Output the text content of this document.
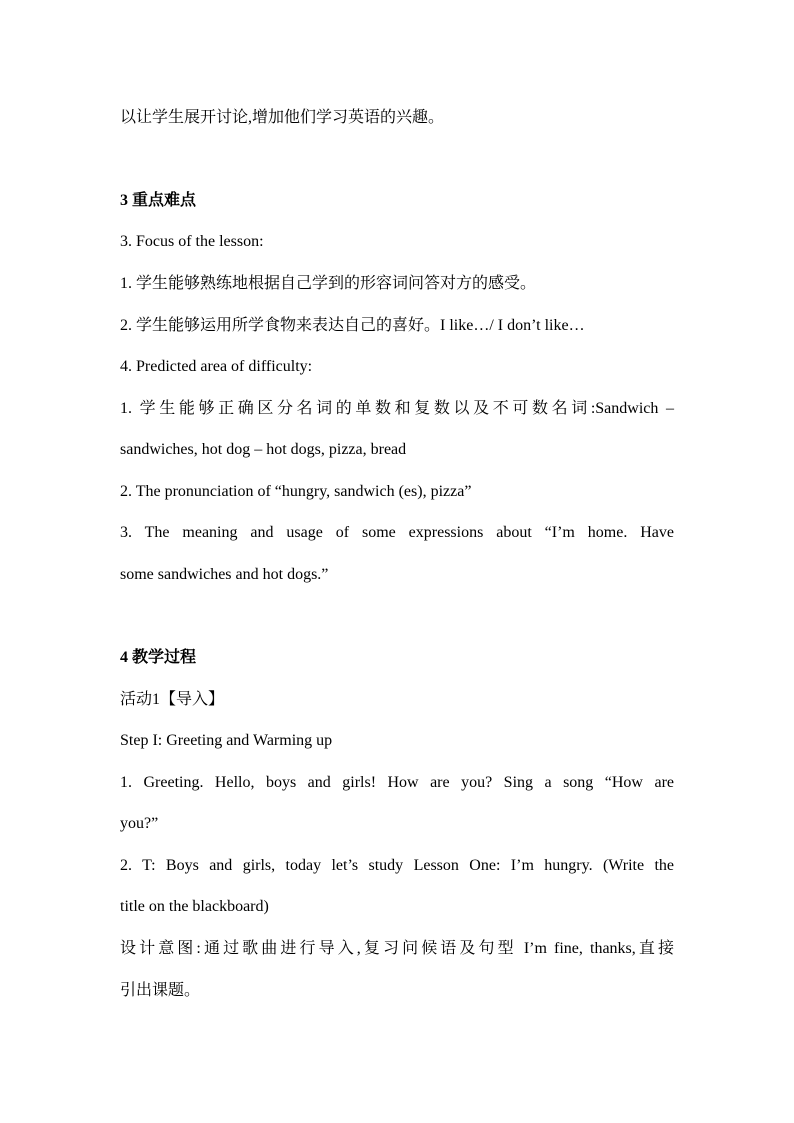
以让学生展开讨论,增加他们学习英语的兴趣。
3 重点难点
3. Focus of the lesson:
1. 学生能够熟练地根据自己学到的形容词问答对方的感受。
2. 学生能够运用所学食物来表达自己的喜好。I like…/ I don’t like…
4. Predicted area of difficulty:
1. 学生能够正确区分名词的单数和复数以及不可数名词:Sandwich –
sandwiches, hot dog – hot dogs, pizza, bread
2. The pronunciation of “hungry, sandwich (es), pizza”
3. The meaning and usage of some expressions about “I’m home. Have
some sandwiches and hot dogs.”
4 教学过程
活动1【导入】
Step I: Greeting and Warming up
1. Greeting. Hello, boys and girls! How are you? Sing a song “How are
you?”
2. T: Boys and girls, today let’s study Lesson One: I’m hungry. (Write the
title on the blackboard)
设计意图:通过歌曲进行导入,复习问候语及句型 I’m fine, thanks,直接
引出课题。
